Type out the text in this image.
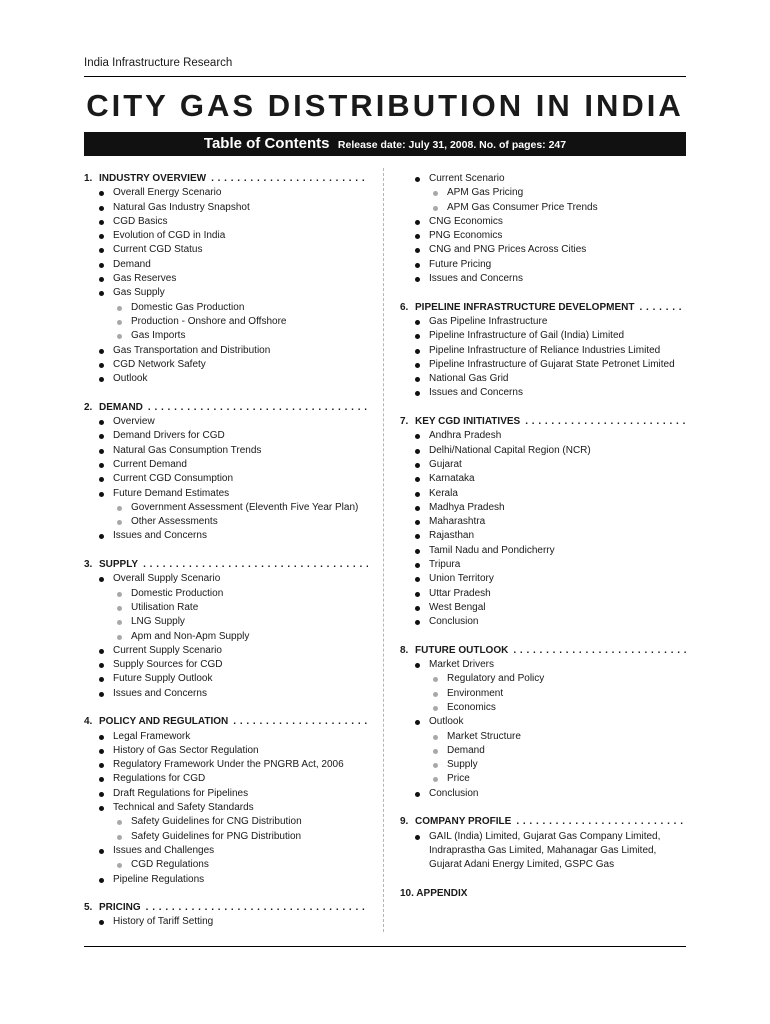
India Infrastructure Research
CITY GAS DISTRIBUTION IN INDIA
Table of Contents Release date: July 31, 2008. No. of pages: 247
1. INDUSTRY OVERVIEW
. . .
Overall Energy Scenario
Natural Gas Industry Snapshot
CGD Basics
Evolution of CGD in India
Current CGD Status
Demand
Gas Reserves
Gas Supply
Domestic Gas Production
Production - Onshore and Offshore
Gas Imports
Gas Transportation and Distribution
CGD Network Safety
Outlook
2. DEMAND
. . .
Overview
Demand Drivers for CGD
Natural Gas Consumption Trends
Current Demand
Current CGD Consumption
Future Demand Estimates
Government Assessment (Eleventh Five Year Plan)
Other Assessments
Issues and Concerns
3. SUPPLY
. . .
Overall Supply Scenario
Domestic Production
Utilisation Rate
LNG Supply
Apm and Non-Apm Supply
Current Supply Scenario
Supply Sources for CGD
Future Supply Outlook
Issues and Concerns
4. POLICY AND REGULATION
. . .
Legal Framework
History of Gas Sector Regulation
Regulatory Framework Under the PNGRB Act, 2006
Regulations for CGD
Draft Regulations for Pipelines
Technical and Safety Standards
Safety Guidelines for CNG Distribution
Safety Guidelines for PNG Distribution
Issues and Challenges
CGD Regulations
Pipeline Regulations
5. PRICING
. . .
History of Tariff Setting
Current Scenario
APM Gas Pricing
APM Gas Consumer Price Trends
CNG Economics
PNG Economics
CNG and PNG Prices Across Cities
Future Pricing
Issues and Concerns
6. PIPELINE INFRASTRUCTURE DEVELOPMENT
. . .
Gas Pipeline Infrastructure
Pipeline Infrastructure of Gail (India) Limited
Pipeline Infrastructure of Reliance Industries Limited
Pipeline Infrastructure of Gujarat State Petronet Limited
National Gas Grid
Issues and Concerns
7. KEY CGD INITIATIVES
. . .
Andhra Pradesh
Delhi/National Capital Region (NCR)
Gujarat
Karnataka
Kerala
Madhya Pradesh
Maharashtra
Rajasthan
Tamil Nadu and Pondicherry
Tripura
Union Territory
Uttar Pradesh
West Bengal
Conclusion
8. FUTURE OUTLOOK
. . .
Market Drivers
Regulatory and Policy
Environment
Economics
Outlook
Market Structure
Demand
Supply
Price
Conclusion
9. COMPANY PROFILE
. . .
GAIL (India) Limited, Gujarat Gas Company Limited,
Indraprastha Gas Limited, Mahanagar Gas Limited,
Gujarat Adani Energy Limited, GSPC Gas
10. APPENDIX
